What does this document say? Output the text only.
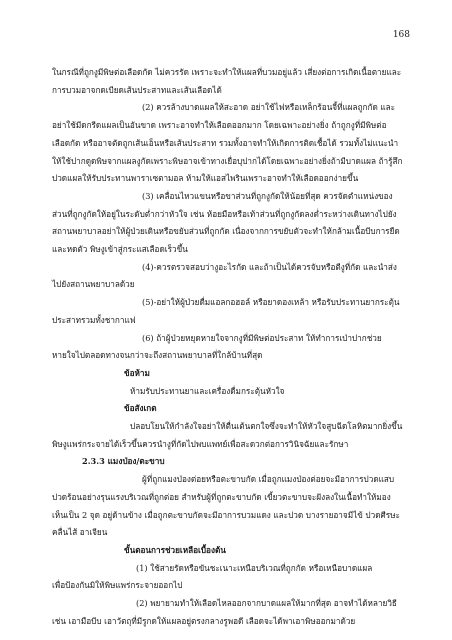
168

ในกรณีที่ถูกงูมีพิษต่อเลือดกัด ไม่ควรรัด เพราะจะทำให้แผลที่บวมอยู่แล้ว เสี่ยงต่อการเกิดเนื้อตายและการบวมอาจกดเบียดเส้นประสาทและเส้นเลือดได้

(2) ควรล้างบาดแผลให้สะอาด อย่าใช้ไฟหรือเหล็กร้อนจี้ที่แผลถูกกัด และอย่าใช้มีดกรีดแผลเป็นอันขาด เพราะอาจทำให้เลือดออกมาก โดยเฉพาะอย่างยิ่ง ถ้าถูกงูที่มีพิษต่อเลือดกัด หรืออาจตัดถูกเส้นเอ็นหรือเส้นประสาท รวมทั้งอาจทำให้เกิดการติดเชื้อได้ รวมทั้งไม่แนะนำให้ใช้ปากดูดพิษจากแผลงูกัดเพราะพิษอาจเข้าทางเยื่อบุปากได้โดยเฉพาะอย่างยิ่งถ้ามีบาดแผล ถ้ารู้สึกปวดแผลให้รับประทานพาราเซตามอล ห้ามให้แอสไพรินเพราะอาจทำให้เลือดออกง่ายขึ้น

(3) เคลื่อนไหวแขนหรือขาส่วนที่ถูกงูกัดให้น้อยที่สุด ควรจัดตำแหน่งของส่วนที่ถูกงูกัดให้อยู่ในระดับต่ำกว่าหัวใจ เช่น ห้อยมือหรือเท้าส่วนที่ถูกงูกัดลงต่ำระหว่างเดินทางไปยังสถานพยาบาลอย่าให้ผู้ป่วยเดินหรือขยับส่วนที่ถูกกัด เนื่องจากการขยับตัวจะทำให้กล้ามเนื้อบีบการยืดและหดตัว พิษงูเข้าสู่กระแสเลือดเร็วขึ้น

(4)-ควรตรวจสอบว่างูอะไรกัด และถ้าเป็นได้ควรจับหรือตีงูที่กัด และนำส่งไปยังสถานพยาบาลด้วย

(5)-อย่าให้ผู้ป่วยดื่มแอลกอฮอล์ หรือยาดองเหล้า หรือรับประทานยากระตุ้นประสาทรวมทั้งชากาแฟ

(6) ถ้าผู้ป่วยหยุดหายใจจากงูที่มีพิษต่อประสาท ให้ทำการเป่าปากช่วยหายใจไปตลอดทางจนกว่าจะถึงสถานพยาบาลที่ใกล้บ้านที่สุด

ข้อห้าม

ห้ามรับประทานยาและเครื่องดื่มกระตุ้นหัวใจ

ข้อสังเกต

ปลอบโยนให้กำลังใจอย่าให้ตื่นเต้นตกใจซึ่งจะทำให้หัวใจสูบฉีดโลหิตมากยิ่งขึ้น พิษงูแพร่กระจายได้เร็วขึ้นควรนำงูที่กัดไปพบแพทย์เพื่อสะดวกต่อการวินิจฉัยและรักษา

2.3.3 แมงป่อง/ตะขาบ

ผู้ที่ถูกแมงป่องต่อยหรือตะขาบกัด เมื่อถูกแมงป่องต่อยจะมีอาการปวดแสบปวดร้อนอย่างรุนแรงบริเวณที่ถูกต่อย สำหรับผู้ที่ถูกตะขาบกัด เขี้ยวตะขาบจะฝังลงในเนื้อทำให้มองเห็นเป็น 2 จุด อยู่ด้านข้าง เมื่อถูกตะขาบกัดจะมีอาการบวมแดง และปวด บางรายอาจมีไข้ ปวดศีรษะ คลื่นไส้ อาเจียน

ขั้นตอนการช่วยเหลือเบื้องต้น

(1) ใช้สายรัดหรือขันชะเนาะเหนือบริเวณที่ถูกกัด หรือเหนือบาดแผล

เพื่อป้องกันมิให้พิษแพร่กระจายออกไป

(2) พยายามทำให้เลือดไหลออกจากบาดแผลให้มากที่สุด อาจทำได้หลายวิธี

เช่น เอามือบีบ เอาวัตถุที่มีรูกดให้แผลอยู่ตรงกลางรูพอดี เลือดจะได้พาเอาพิษออกมาด้วย
